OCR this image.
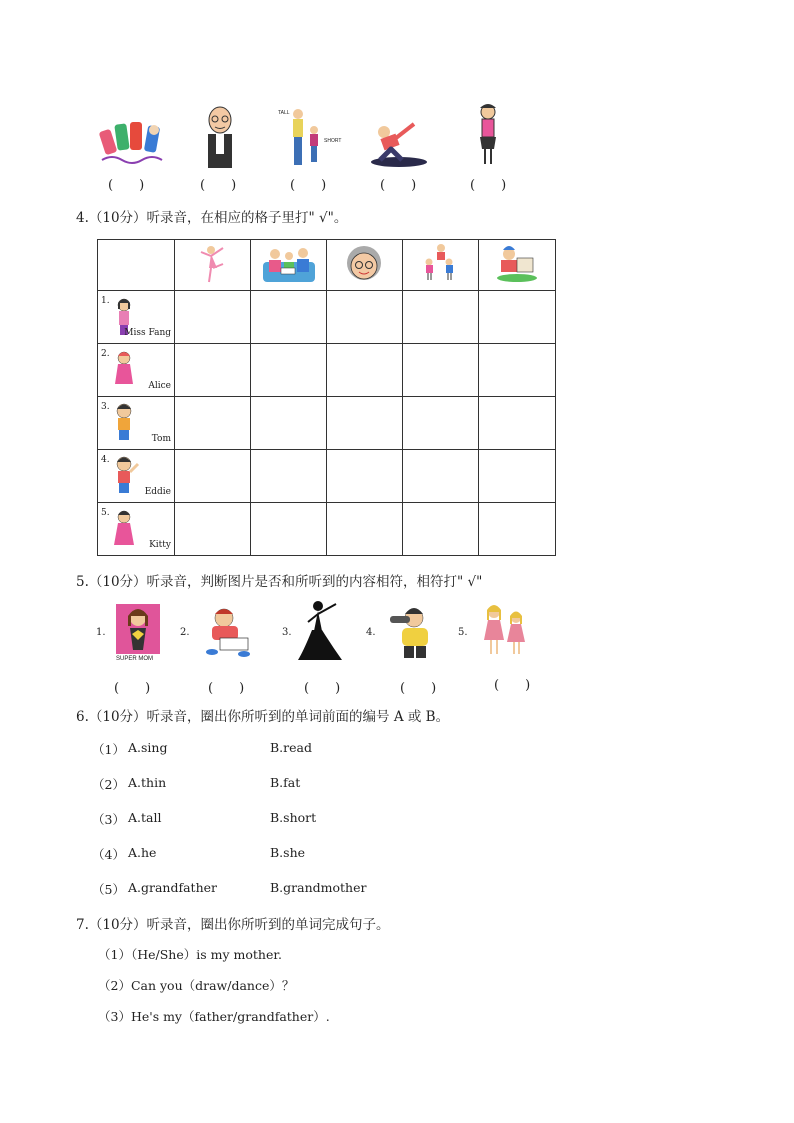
TALL
SHORT
(　　)	(　　)	(　　)	(　　)	(　　)
4.（10分）听录音，在相应的格子里打" √"。

1.
Miss Fang					

2.
Alice					

3.
Tom					

4.
Eddie					

5.
Kitty					

5.（10分）听录音，判断图片是否和所听到的内容相符，相符打" √"
1.
SUPER MOM
2.	3.	4.	5.
(　　)	(　　)	(　　)	(　　)	(　　)
6.（10分）听录音，圈出你所听到的单词前面的编号 A 或 B。
（1） A.sing	B.read
（2） A.thin	B.fat
（3） A.tall	B.short
（4） A.he	B.she
（5） A.grandfather	B.grandmother
7.（10分）听录音，圈出你所听到的单词完成句子。
（1）（He/She）is my mother.
（2）Can you（draw/dance）？
（3）He's my（father/grandfather）.
